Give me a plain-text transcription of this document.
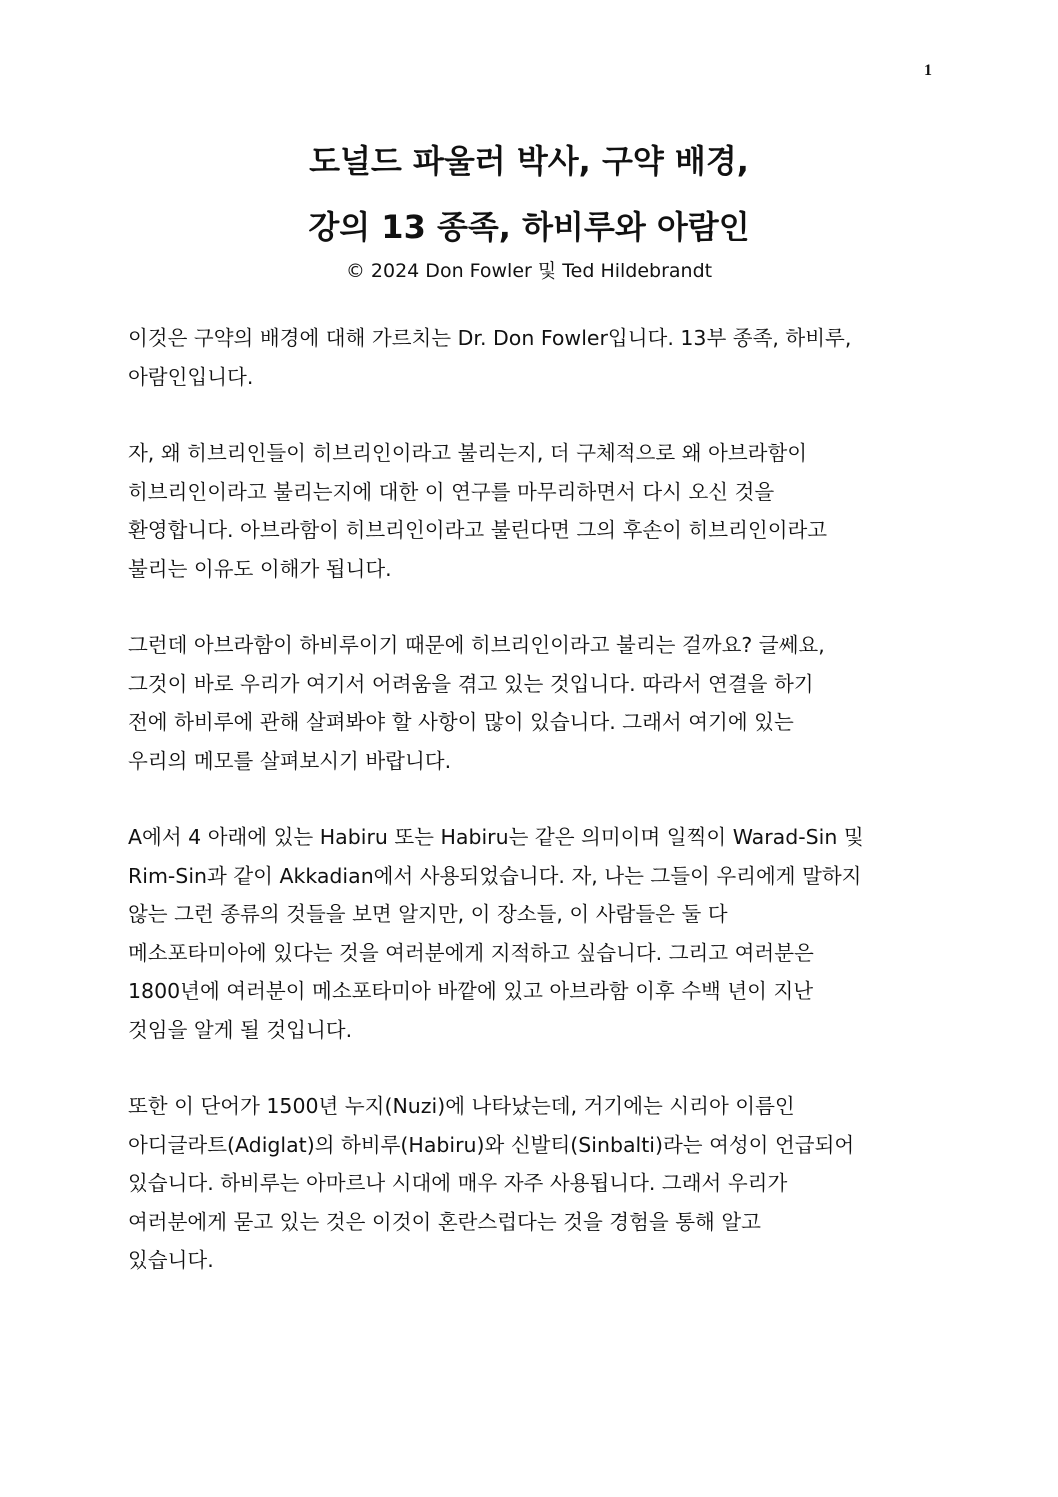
1
도널드 파울러 박사, 구약 배경,
강의 13 종족, 하비루와 아람인
© 2024 Don Fowler 및 Ted Hildebrandt

이것은 구약의 배경에 대해 가르치는 Dr. Don Fowler입니다. 13부 종족, 하비루,
아람인입니다.

자, 왜 히브리인들이 히브리인이라고 불리는지, 더 구체적으로 왜 아브라함이
히브리인이라고 불리는지에 대한 이 연구를 마무리하면서 다시 오신 것을
환영합니다. 아브라함이 히브리인이라고 불린다면 그의 후손이 히브리인이라고
불리는 이유도 이해가 됩니다.

그런데 아브라함이 하비루이기 때문에 히브리인이라고 불리는 걸까요? 글쎄요,
그것이 바로 우리가 여기서 어려움을 겪고 있는 것입니다. 따라서 연결을 하기
전에 하비루에 관해 살펴봐야 할 사항이 많이 있습니다. 그래서 여기에 있는
우리의 메모를 살펴보시기 바랍니다.

A에서 4 아래에 있는 Habiru 또는 Habiru는 같은 의미이며 일찍이 Warad-Sin 및
Rim-Sin과 같이 Akkadian에서 사용되었습니다. 자, 나는 그들이 우리에게 말하지
않는 그런 종류의 것들을 보면 알지만, 이 장소들, 이 사람들은 둘 다
메소포타미아에 있다는 것을 여러분에게 지적하고 싶습니다. 그리고 여러분은
1800년에 여러분이 메소포타미아 바깥에 있고 아브라함 이후 수백 년이 지난
것임을 알게 될 것입니다.

또한 이 단어가 1500년 누지(Nuzi)에 나타났는데, 거기에는 시리아 이름인
아디글라트(Adiglat)의 하비루(Habiru)와 신발티(Sinbalti)라는 여성이 언급되어
있습니다. 하비루는 아마르나 시대에 매우 자주 사용됩니다. 그래서 우리가
여러분에게 묻고 있는 것은 이것이 혼란스럽다는 것을 경험을 통해 알고
있습니다.
